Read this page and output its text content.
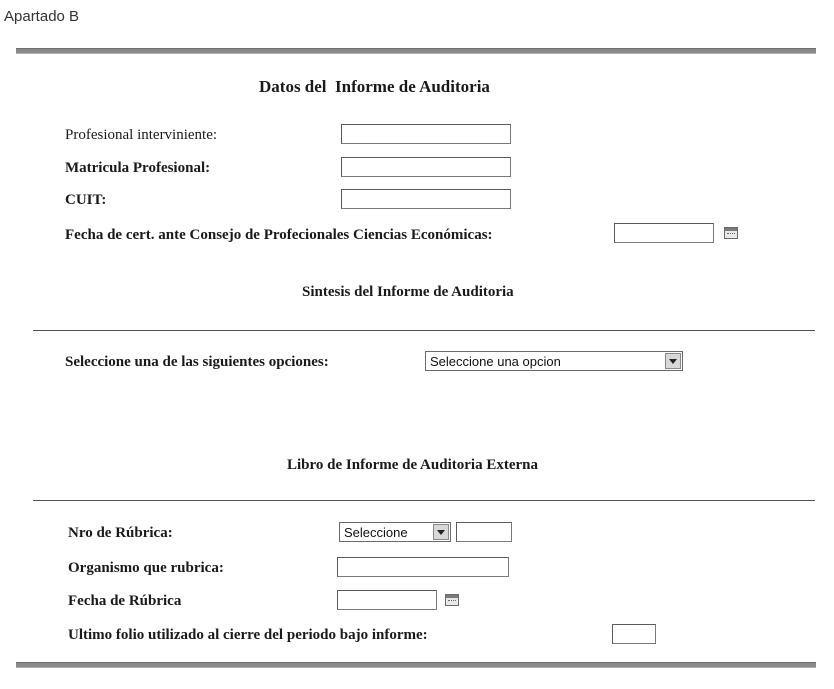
Apartado B
Datos del Informe de Auditoria
Profesional interviniente:
Matricula Profesional:
CUIT:
Fecha de cert. ante Consejo de Profecionales Ciencias Económicas:
Sintesis del Informe de Auditoria
Seleccione una de las siguientes opciones:	Seleccione una opcion
Libro de Informe de Auditoria Externa
Nro de Rúbrica:	Seleccione
Organismo que rubrica:
Fecha de Rúbrica
Ultimo folio utilizado al cierre del periodo bajo informe:
